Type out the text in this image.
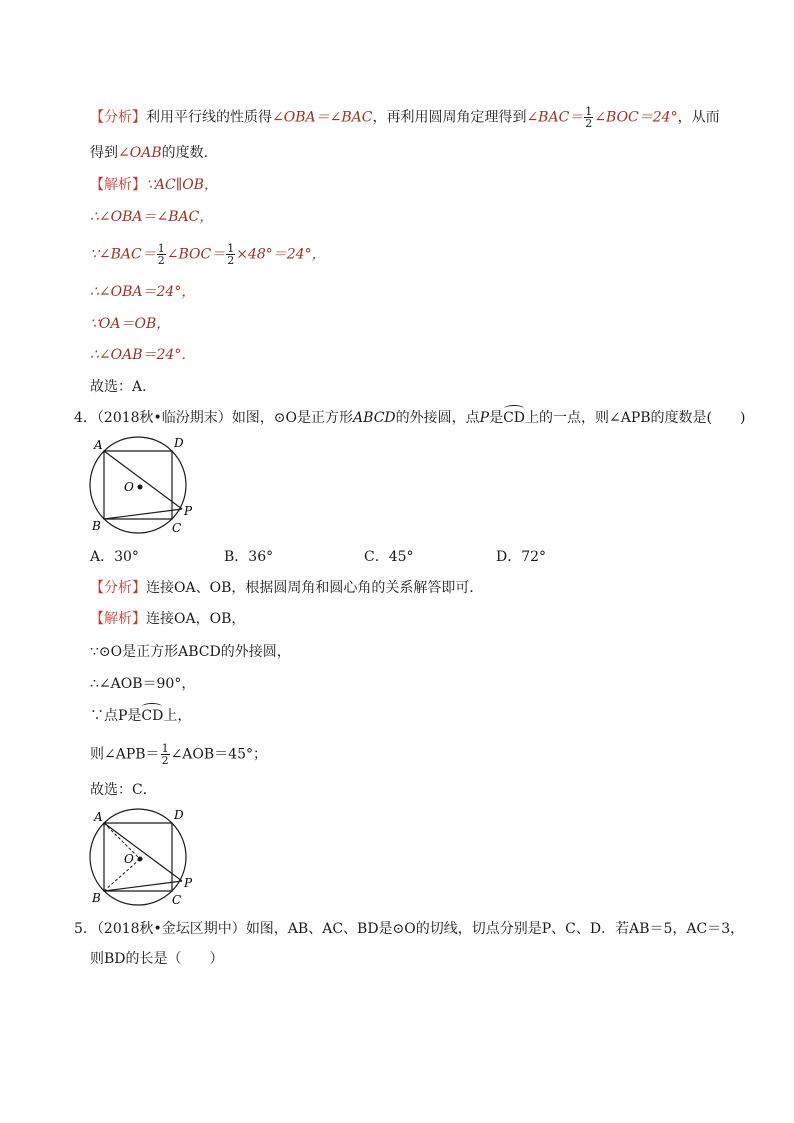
【分析】利用平行线的性质得∠OBA＝∠BAC，再利用圆周角定理得到∠BAC＝ $\frac{1}{2}$ ∠BOC＝24°，从而
得到∠OAB的度数．
【解析】∵AC∥OB，
∴∠OBA＝∠BAC，
∵∠BAC＝ $\frac{1}{2}$ ∠BOC＝ $\frac{1}{2} \times 48^\circ=24^\circ$，
∴∠OBA＝24°，
∵OA＝OB，
∴∠OAB＝24°．
故选：A．
4．（2018秋•临汾期末）如图，⊙O是正方形ABCD的外接圆，点P是CD上的一点，则∠APB的度数是(　　)
A	D
O
B	C
P
A．30°	B．36°	C．45°	D．72°
【分析】连接OA、OB，根据圆周角和圆心角的关系解答即可．
【解析】连接OA，OB，
∵⊙O是正方形ABCD的外接圆，
∴∠AOB＝90°，
∵点P是CD上，
则∠APB＝ $\frac{1}{2}$ ∠AOB＝45°；
故选：C．
A	D
O
B	C
P
5．（2018秋•金坛区期中）如图，AB、AC、BD是⊙O的切线，切点分别是P、C、D．若AB＝5，AC＝3，
则BD的长是（　　）
